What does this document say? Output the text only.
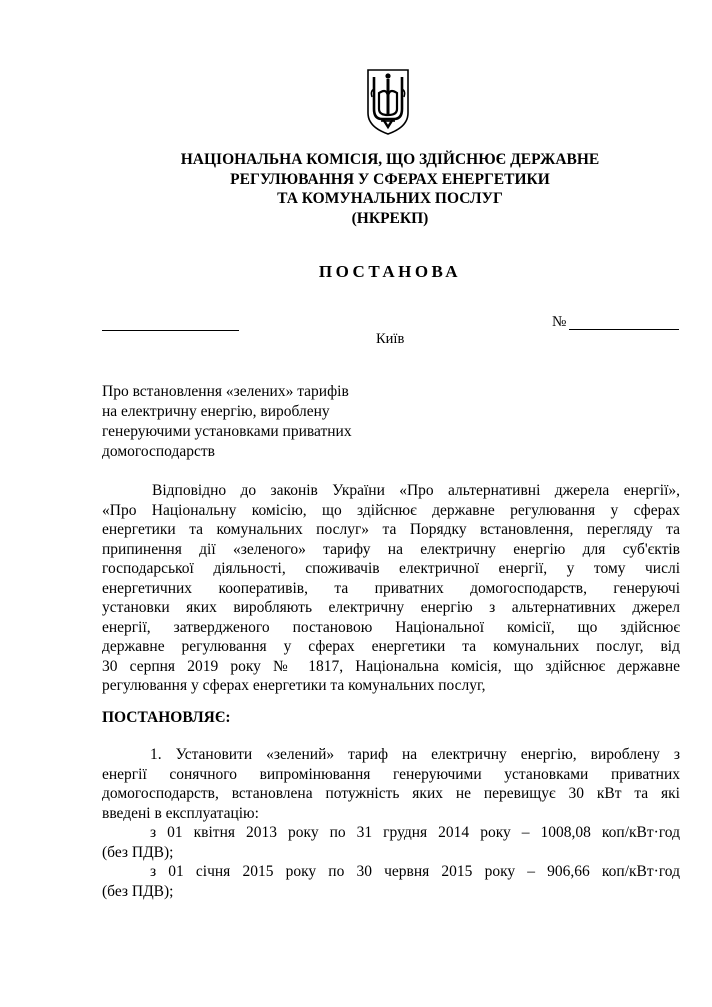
НАЦІОНАЛЬНА КОМІСІЯ, ЩО ЗДІЙСНЮЄ ДЕРЖАВНЕ
РЕГУЛЮВАННЯ У СФЕРАХ ЕНЕРГЕТИКИ
ТА КОМУНАЛЬНИХ ПОСЛУГ
(НКРЕКП)
ПОСТАНОВА
№
Київ
Про встановлення «зелених» тарифів
на електричну енергію, вироблену
генеруючими установками приватних
домогосподарств
Відповідно до законів України «Про альтернативні джерела енергії»,
«Про Національну комісію, що здійснює державне регулювання у сферах
енергетики та комунальних послуг» та Порядку встановлення, перегляду та
припинення дії «зеленого» тарифу на електричну енергію для суб'єктів
господарської діяльності, споживачів електричної енергії, у тому числі
енергетичних кооперативів, та приватних домогосподарств, генеруючі
установки яких виробляють електричну енергію з альтернативних джерел
енергії, затвердженого постановою Національної комісії, що здійснює
державне регулювання у сферах енергетики та комунальних послуг, від
30 серпня 2019 року № 1817, Національна комісія, що здійснює державне
регулювання у сферах енергетики та комунальних послуг,
ПОСТАНОВЛЯЄ:
1. Установити «зелений» тариф на електричну енергію, вироблену з
енергії сонячного випромінювання генеруючими установками приватних
домогосподарств, встановлена потужність яких не перевищує 30 кВт та які
введені в експлуатацію:
з 01 квітня 2013 року по 31 грудня 2014 року – 1008,08 коп/кВт·год
(без ПДВ);
з 01 січня 2015 року по 30 червня 2015 року – 906,66 коп/кВт·год
(без ПДВ);
